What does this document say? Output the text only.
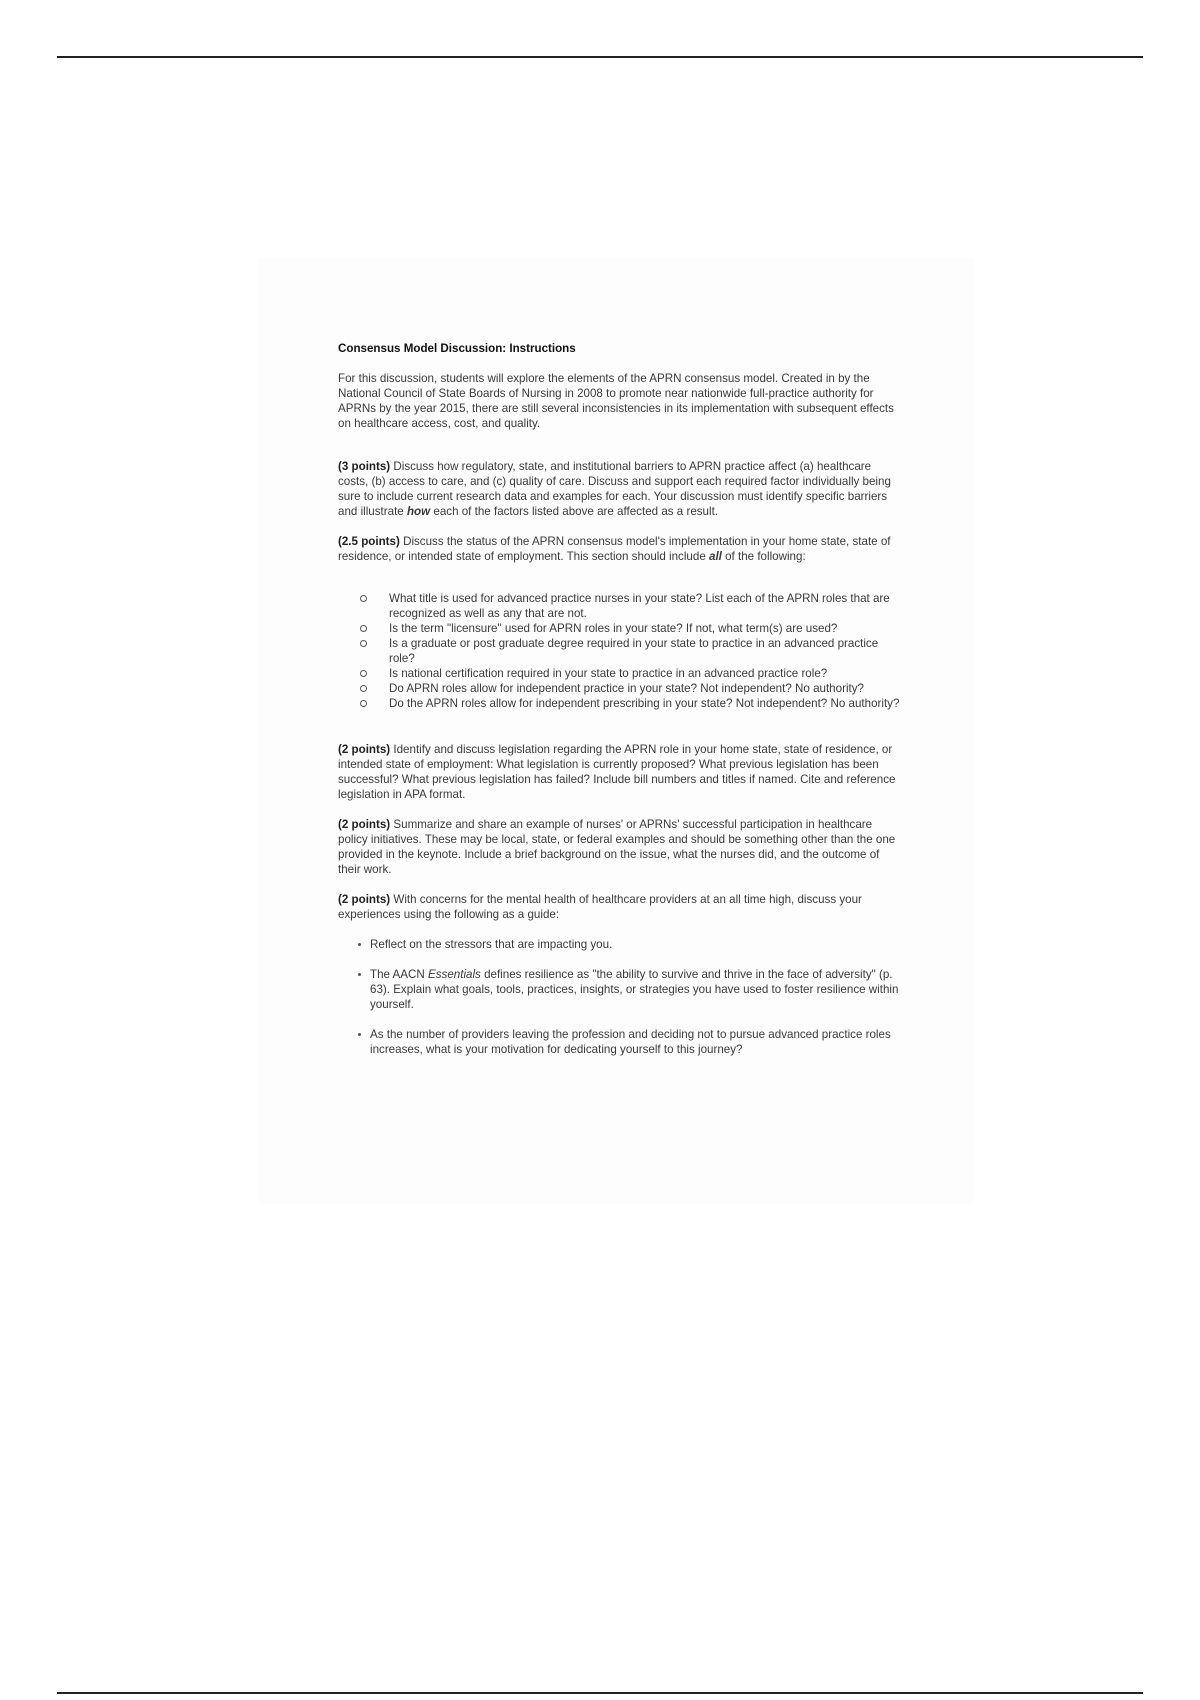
Consensus Model Discussion: Instructions

For this discussion, students will explore the elements of the APRN consensus model. Created in by the National Council of State Boards of Nursing in 2008 to promote near nationwide full-practice authority for APRNs by the year 2015, there are still several inconsistencies in its implementation with subsequent effects on healthcare access, cost, and quality.

(3 points) Discuss how regulatory, state, and institutional barriers to APRN practice affect (a) healthcare costs, (b) access to care, and (c) quality of care. Discuss and support each required factor individually being sure to include current research data and examples for each. Your discussion must identify specific barriers and illustrate how each of the factors listed above are affected as a result.

(2.5 points) Discuss the status of the APRN consensus model's implementation in your home state, state of residence, or intended state of employment. This section should include all of the following:

What title is used for advanced practice nurses in your state? List each of the APRN roles that are recognized as well as any that are not.
Is the term "licensure" used for APRN roles in your state? If not, what term(s) are used?
Is a graduate or post graduate degree required in your state to practice in an advanced practice role?
Is national certification required in your state to practice in an advanced practice role?
Do APRN roles allow for independent practice in your state? Not independent? No authority?
Do the APRN roles allow for independent prescribing in your state? Not independent? No authority?

(2 points) Identify and discuss legislation regarding the APRN role in your home state, state of residence, or intended state of employment: What legislation is currently proposed? What previous legislation has been successful? What previous legislation has failed? Include bill numbers and titles if named. Cite and reference legislation in APA format.

(2 points) Summarize and share an example of nurses' or APRNs' successful participation in healthcare policy initiatives. These may be local, state, or federal examples and should be something other than the one provided in the keynote. Include a brief background on the issue, what the nurses did, and the outcome of their work.

(2 points) With concerns for the mental health of healthcare providers at an all time high, discuss your experiences using the following as a guide:

Reflect on the stressors that are impacting you.
The AACN Essentials defines resilience as "the ability to survive and thrive in the face of adversity" (p. 63). Explain what goals, tools, practices, insights, or strategies you have used to foster resilience within yourself.
As the number of providers leaving the profession and deciding not to pursue advanced practice roles increases, what is your motivation for dedicating yourself to this journey?
